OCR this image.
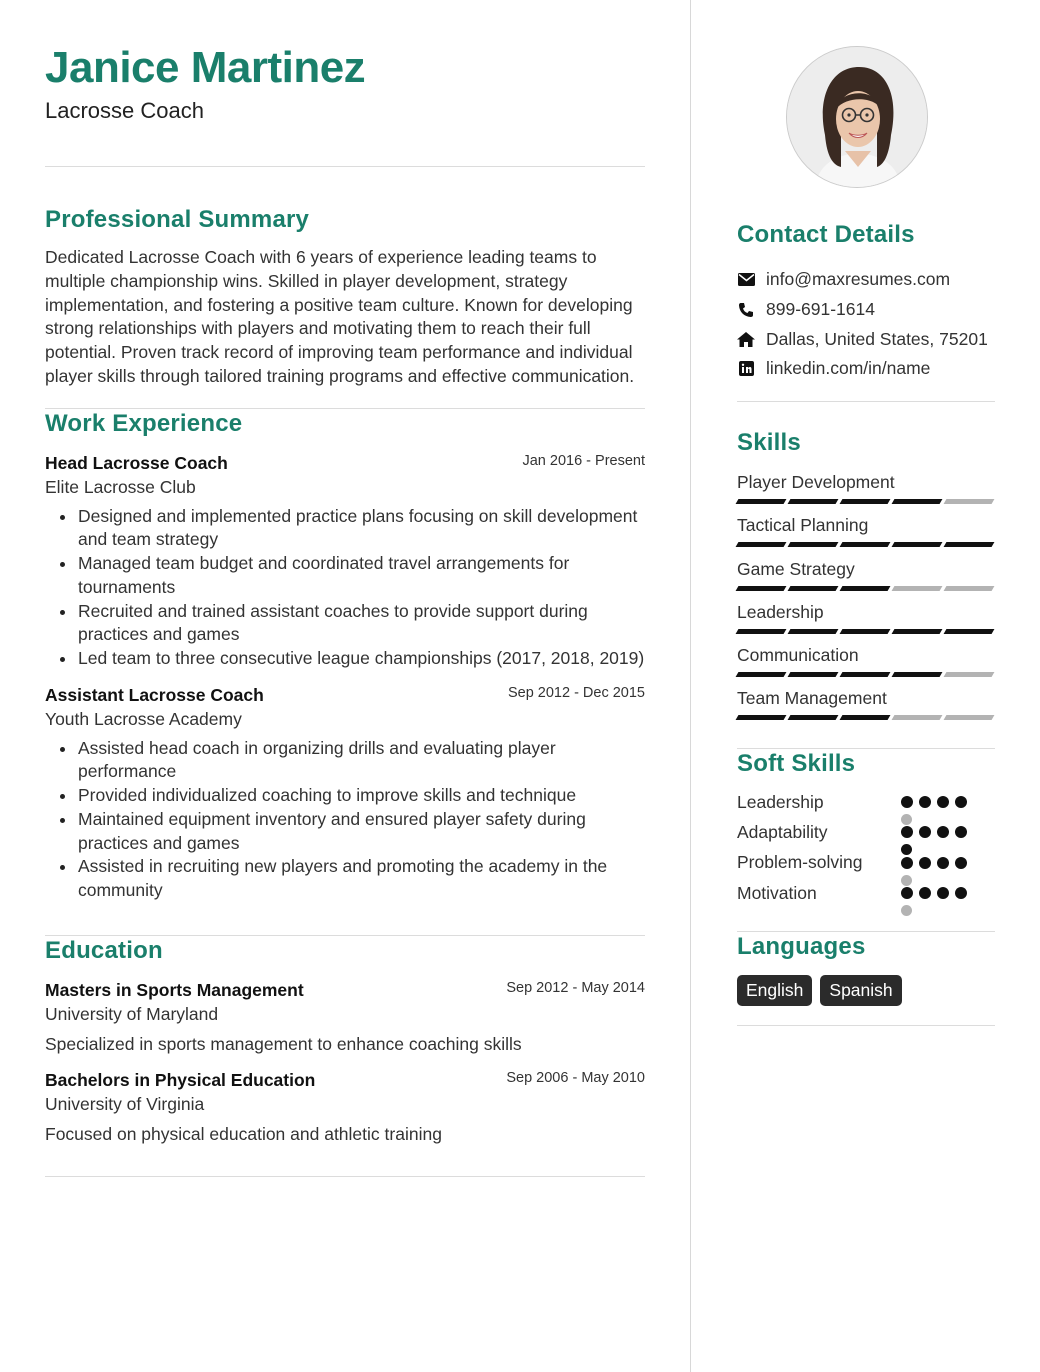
Janice Martinez
Lacrosse Coach
Professional Summary
Dedicated Lacrosse Coach with 6 years of experience leading teams to multiple championship wins. Skilled in player development, strategy implementation, and fostering a positive team culture. Known for developing strong relationships with players and motivating them to reach their full potential. Proven track record of improving team performance and individual player skills through tailored training programs and effective communication.
Work Experience
Head Lacrosse Coach	Jan 2016 - Present
Elite Lacrosse Club
Designed and implemented practice plans focusing on skill development and team strategy
Managed team budget and coordinated travel arrangements for tournaments
Recruited and trained assistant coaches to provide support during practices and games
Led team to three consecutive league championships (2017, 2018, 2019)
Assistant Lacrosse Coach	Sep 2012 - Dec 2015
Youth Lacrosse Academy
Assisted head coach in organizing drills and evaluating player performance
Provided individualized coaching to improve skills and technique
Maintained equipment inventory and ensured player safety during practices and games
Assisted in recruiting new players and promoting the academy in the community
Education
Masters in Sports Management	Sep 2012 - May 2014
University of Maryland
Specialized in sports management to enhance coaching skills
Bachelors in Physical Education	Sep 2006 - May 2010
University of Virginia
Focused on physical education and athletic training
Contact Details
info@maxresumes.com
899-691-1614
Dallas, United States, 75201
linkedin.com/in/name
Skills
Player Development
Tactical Planning
Game Strategy
Leadership
Communication
Team Management
Soft Skills
Leadership
Adaptability
Problem-solving
Motivation
Languages
English	Spanish
